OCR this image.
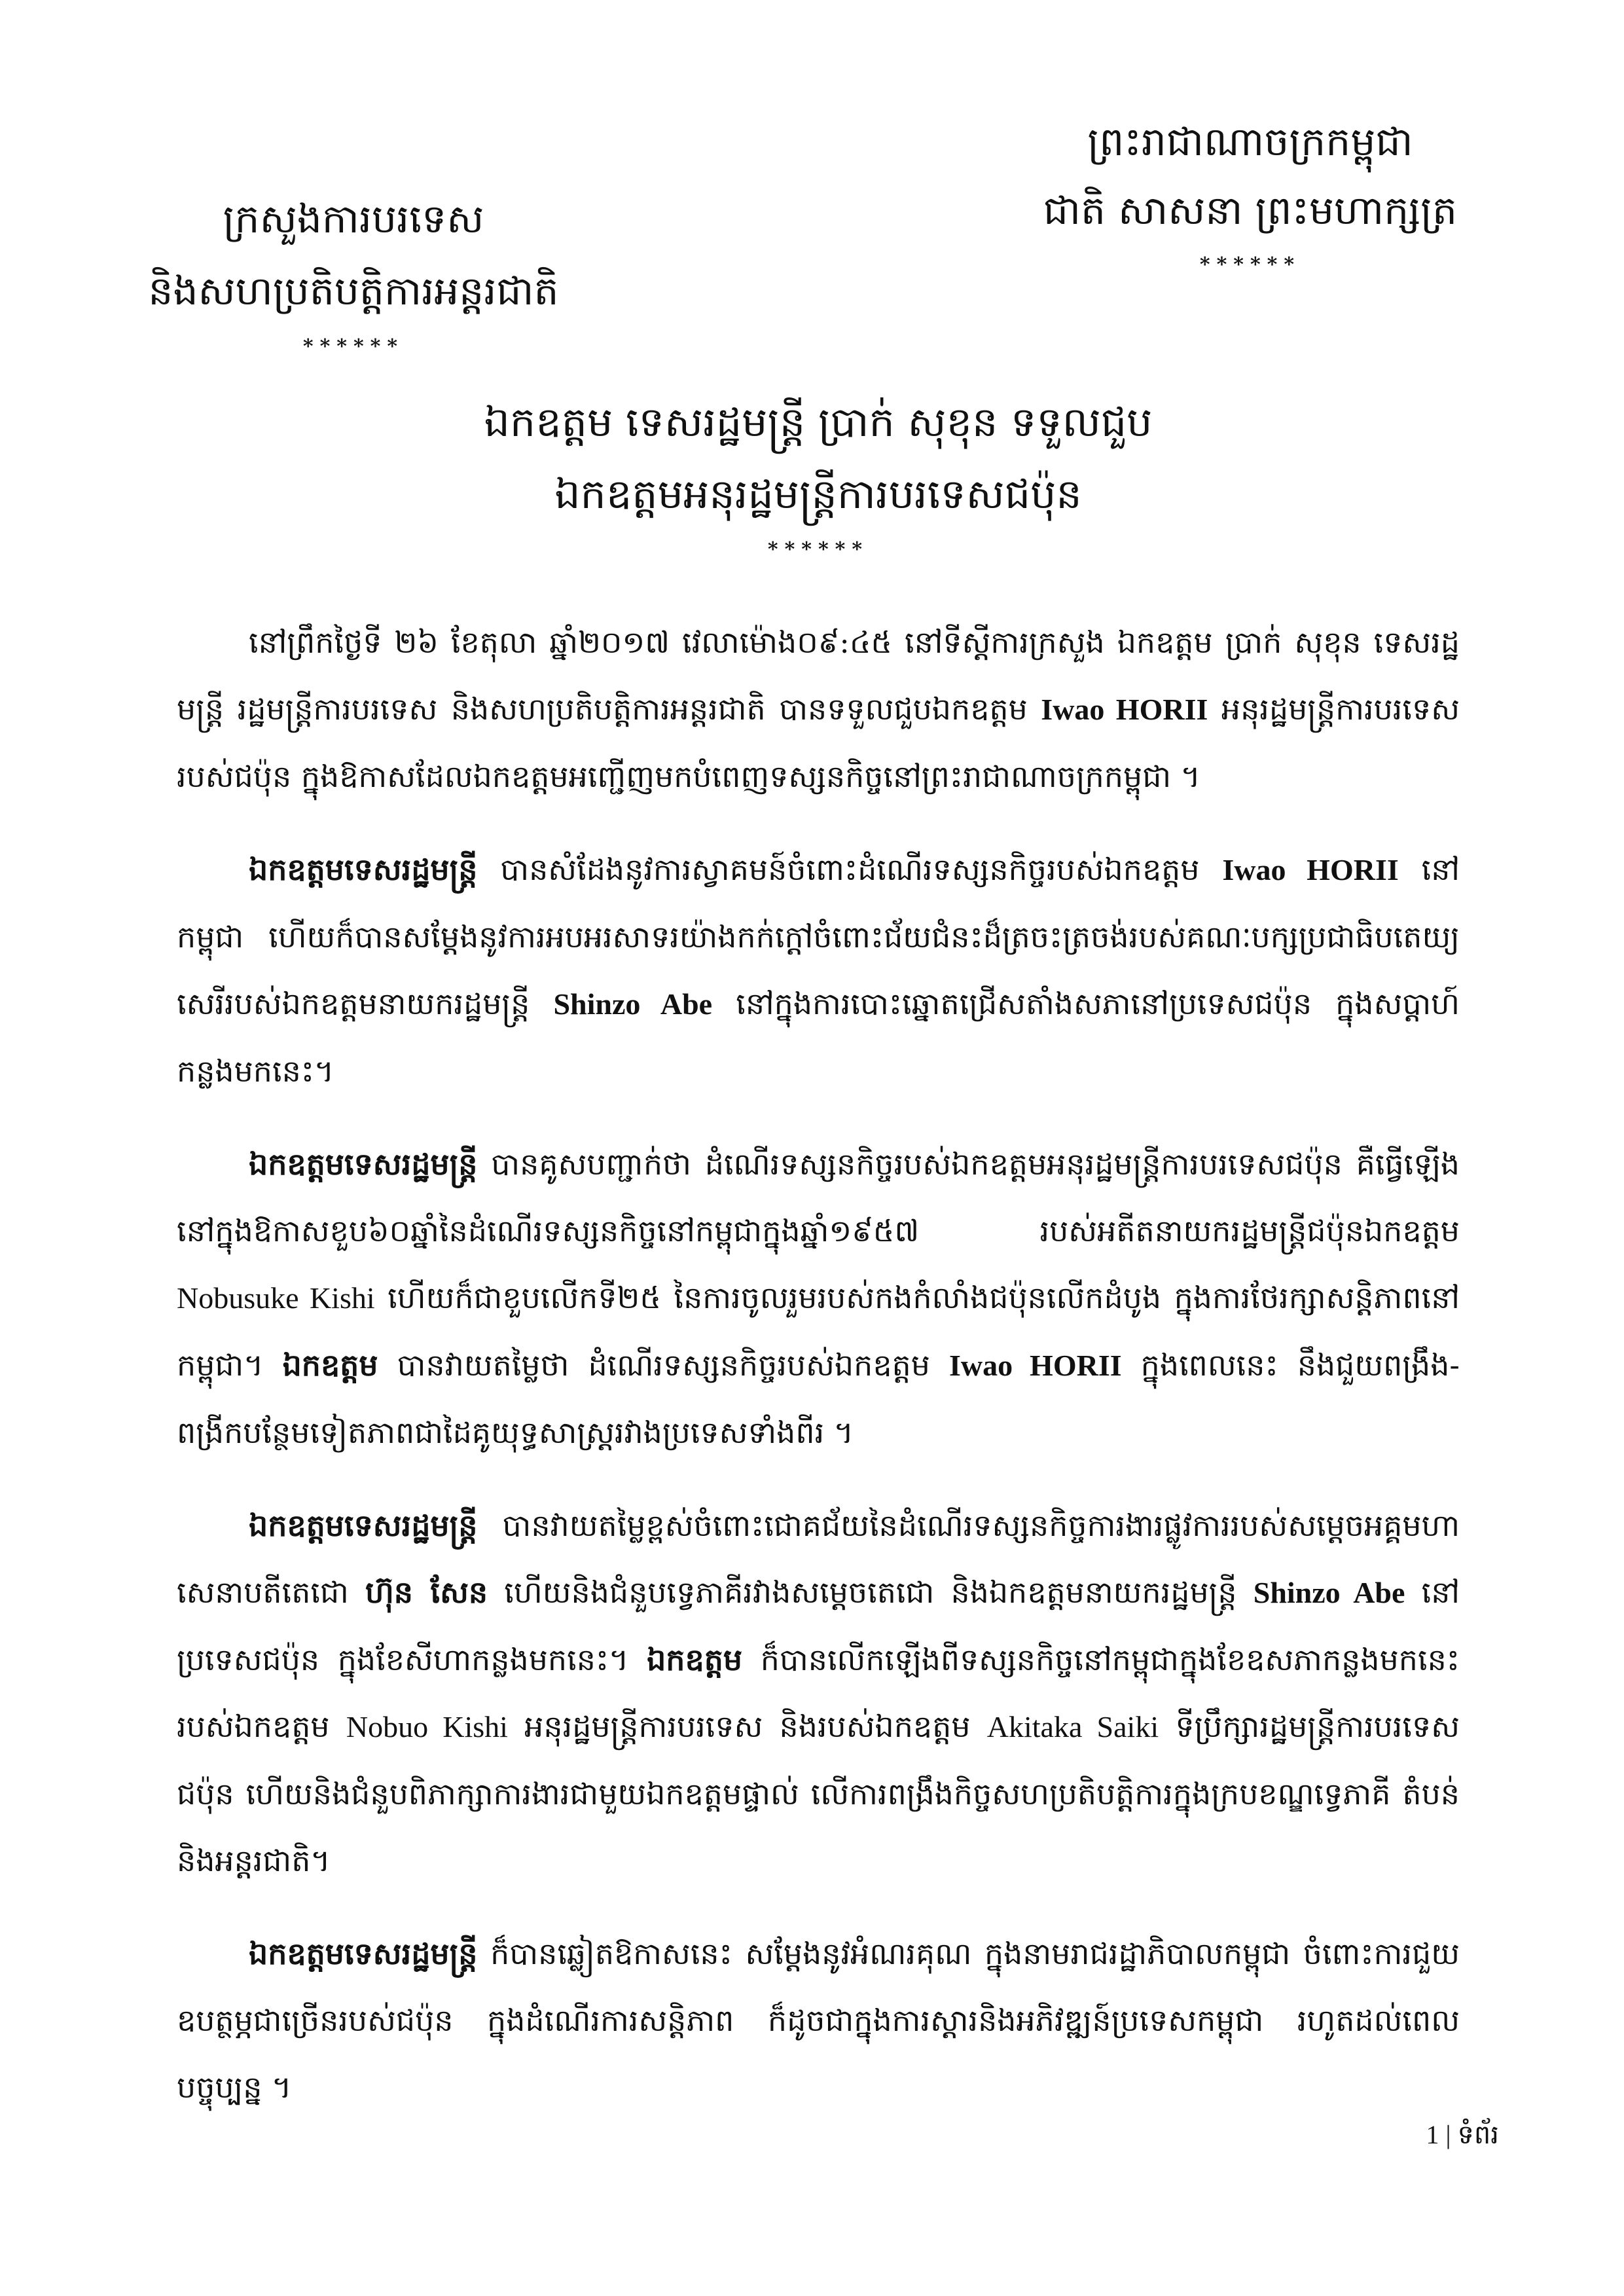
ព្រះរាជាណាចក្រកម្ពុជា
ជាតិ សាសនា ព្រះមហាក្សត្រ
******
ក្រសួងការបរទេស
និងសហប្រតិបត្តិការអន្តរជាតិ
******
ឯកឧត្តម ទេសរដ្ឋមន្ត្រី ប្រាក់ សុខុន ទទួលជួប
ឯកឧត្តមអនុរដ្ឋមន្ត្រីការបរទេសជប៉ុន
******

នៅព្រឹកថ្ងៃទី ២៦ ខែតុលា ឆ្នាំ២០១៧ វេលាម៉ោង០៩:៤៥ នៅទីស្តីការក្រសួង ឯកឧត្តម ប្រាក់ សុខុន ទេសរដ្ឋមន្ត្រី រដ្ឋមន្ត្រីការបរទេស និងសហប្រតិបត្តិការអន្តរជាតិ បានទទួលជួបឯកឧត្តម Iwao HORII អនុរដ្ឋមន្ត្រីការបរទេសរបស់ជប៉ុន ក្នុងឱកាសដែលឯកឧត្តមអញ្ជើញមកបំពេញទស្សនកិច្ចនៅព្រះរាជាណាចក្រកម្ពុជា ។

ឯកឧត្តមទេសរដ្ឋមន្ត្រី បានសំដែងនូវការស្វាគមន៍ចំពោះដំណើរទស្សនកិច្ចរបស់ឯកឧត្តម Iwao HORII នៅកម្ពុជា ហើយក៏បានសម្តែងនូវការអបអរសាទរយ៉ាងកក់ក្តៅចំពោះជ័យជំនះដ៏ត្រចះត្រចង់របស់គណៈបក្សប្រជាធិបតេយ្យសេរីរបស់ឯកឧត្តមនាយករដ្ឋមន្ត្រី Shinzo Abe នៅក្នុងការបោះឆ្នោតជ្រើសតាំងសភានៅប្រទេសជប៉ុន ក្នុងសប្តាហ៍កន្លងមកនេះ។

ឯកឧត្តមទេសរដ្ឋមន្ត្រី បានគូសបញ្ជាក់ថា ដំណើរទស្សនកិច្ចរបស់ឯកឧត្តមអនុរដ្ឋមន្ត្រីការបរទេសជប៉ុន គឺធ្វើឡើងនៅក្នុងឱកាសខួប៦០ឆ្នាំនៃដំណើរទស្សនកិច្ចនៅកម្ពុជាក្នុងឆ្នាំ១៩៥៧ របស់អតីតនាយករដ្ឋមន្ត្រីជប៉ុនឯកឧត្តម Nobusuke Kishi ហើយក៏ជាខួបលើកទី២៥ នៃការចូលរួមរបស់កងកំលាំងជប៉ុនលើកដំបូង ក្នុងការថែរក្សាសន្តិភាពនៅកម្ពុជា។ ឯកឧត្តម បានវាយតម្លៃថា ដំណើរទស្សនកិច្ចរបស់ឯកឧត្តម Iwao HORII ក្នុងពេលនេះ នឹងជួយពង្រឹង-ពង្រីកបន្ថែមទៀតភាពជាដៃគូយុទ្ធសាស្ត្ររវាងប្រទេសទាំងពីរ ។

ឯកឧត្តមទេសរដ្ឋមន្ត្រី បានវាយតម្លៃខ្ពស់ចំពោះជោគជ័យនៃដំណើរទស្សនកិច្ចការងារផ្លូវការរបស់សម្តេចអគ្គមហាសេនាបតីតេជោ ហ៊ុន សែន ហើយនិងជំនួបទ្វេភាគីរវាងសម្តេចតេជោ និងឯកឧត្តមនាយករដ្ឋមន្ត្រី Shinzo Abe នៅប្រទេសជប៉ុន ក្នុងខែសីហាកន្លងមកនេះ។ ឯកឧត្តម ក៏បានលើកឡើងពីទស្សនកិច្ចនៅកម្ពុជាក្នុងខែឧសភាកន្លងមកនេះ របស់ឯកឧត្តម Nobuo Kishi អនុរដ្ឋមន្ត្រីការបរទេស និងរបស់ឯកឧត្តម Akitaka Saiki ទីប្រឹក្សារដ្ឋមន្ត្រីការបរទេសជប៉ុន ហើយនិងជំនួបពិភាក្សាការងារជាមួយឯកឧត្តមផ្ទាល់ លើការពង្រឹងកិច្ចសហប្រតិបត្តិការក្នុងក្របខណ្ឌទ្វេភាគី តំបន់ និងអន្តរជាតិ។

ឯកឧត្តមទេសរដ្ឋមន្ត្រី ក៏បានឆ្លៀតឱកាសនេះ សម្តែងនូវអំណរគុណ ក្នុងនាមរាជរដ្ឋាភិបាលកម្ពុជា ចំពោះការជួយឧបត្ថម្ភជាច្រើនរបស់ជប៉ុន ក្នុងដំណើរការសន្តិភាព ក៏ដូចជាក្នុងការស្តារនិងអភិវឌ្ឍន៍ប្រទេសកម្ពុជា រហូតដល់ពេលបច្ចុប្បន្ន ។

1 | ទំព័រ
